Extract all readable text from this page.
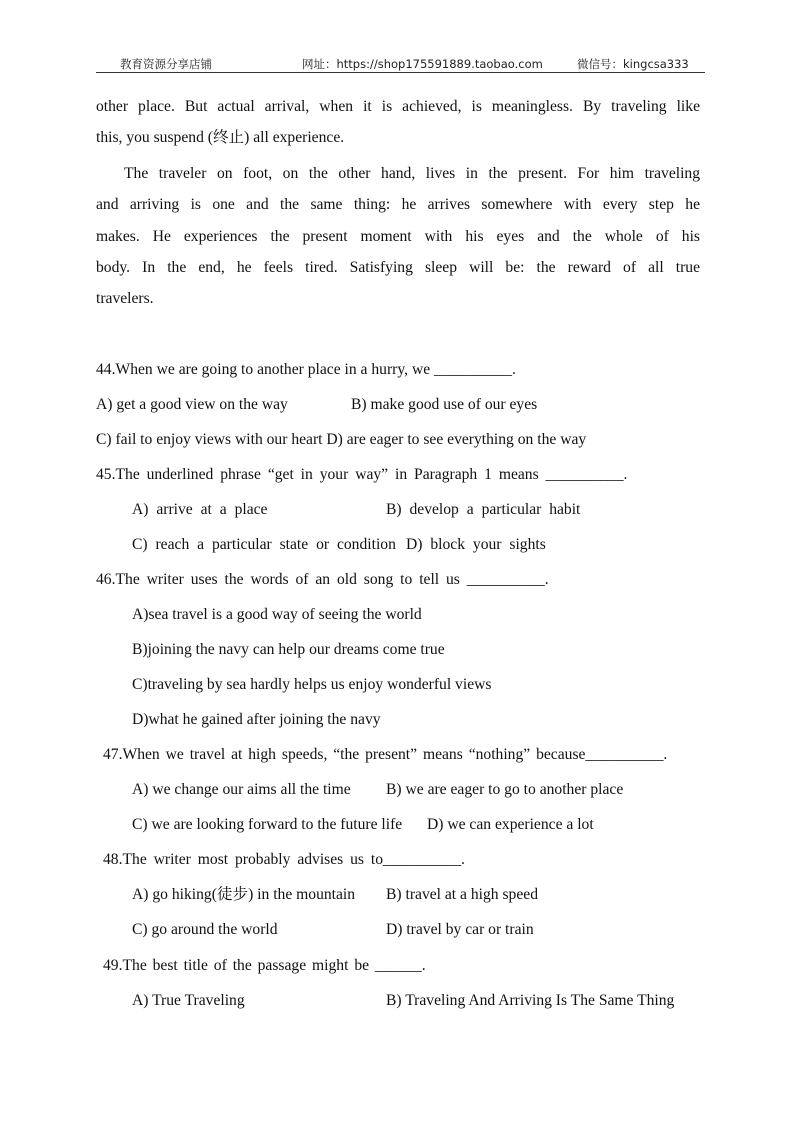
教育资源分享店铺	网址：https://shop175591889.taobao.com	微信号：kingcsa333
other place. But actual arrival, when it is achieved, is meaningless. By traveling like
this, you suspend (终止) all experience.
The traveler on foot, on the other hand, lives in the present. For him traveling
and arriving is one and the same thing: he arrives somewhere with every step he
makes. He experiences the present moment with his eyes and the whole of his
body. In the end, he feels tired. Satisfying sleep will be: the reward of all true
travelers.
44.When we are going to another place in a hurry, we __________.
A) get a good view on the way	B) make good use of our eyes
C) fail to enjoy views with our heart D) are eager to see everything on the way
45.The underlined phrase “get in your way” in Paragraph 1 means __________.
A) arrive at a place	B) develop a particular habit
C) reach a particular state or condition D) block your sights
46.The writer uses the words of an old song to tell us __________.
A)sea travel is a good way of seeing the world
B)joining the navy can help our dreams come true
C)traveling by sea hardly helps us enjoy wonderful views
D)what he gained after joining the navy
47.When we travel at high speeds, “the present” means “nothing” because__________.
A) we change our aims all the time B) we are eager to go to another place
C) we are looking forward to the future life D) we can experience a lot
48.The writer most probably advises us to__________.
A) go hiking(徒步) in the mountain B) travel at a high speed
C) go around the world	D) travel by car or train
49.The best title of the passage might be ______.
A) True Traveling	B) Traveling And Arriving Is The Same Thing
